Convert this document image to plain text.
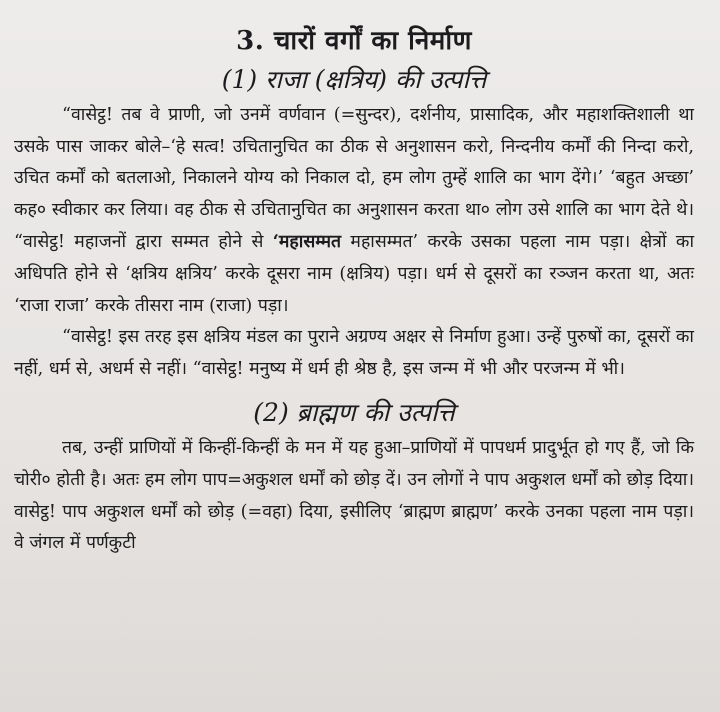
3. चारों वर्गों का निर्माण
(1) राजा (क्षत्रिय) की उत्पत्ति

“वासेट्ठ! तब वे प्राणी, जो उनमें वर्णवान (=सुन्दर), दर्शनीय, प्रासादिक, और महाशक्तिशाली था उसके पास जाकर बोले–‘हे सत्व! उचितानुचित का ठीक से अनुशासन करो, निन्दनीय कर्मों की निन्दा करो, उचित कर्मों को बतलाओ, निकालने योग्य को निकाल दो, हम लोग तुम्हें शालि का भाग देंगे।’ ‘बहुत अच्छा’ कह० स्वीकार कर लिया। वह ठीक से उचितानुचित का अनुशासन करता था० लोग उसे शालि का भाग देते थे। “वासेट्ठ! महाजनों द्वारा सम्मत होने से ‘महासम्मत महासम्मत’ करके उसका पहला नाम पड़ा। क्षेत्रों का अधिपति होने से ‘क्षत्रिय क्षत्रिय’ करके दूसरा नाम (क्षत्रिय) पड़ा। धर्म से दूसरों का रञ्जन करता था, अतः ‘राजा राजा’ करके तीसरा नाम (राजा) पड़ा।

“वासेट्ठ! इस तरह इस क्षत्रिय मंडल का पुराने अग्रण्य अक्षर से निर्माण हुआ। उन्हें पुरुषों का, दूसरों का नहीं, धर्म से, अधर्म से नहीं। “वासेट्ठ! मनुष्य में धर्म ही श्रेष्ठ है, इस जन्म में भी और परजन्म में भी।

(2) ब्राह्मण की उत्पत्ति

तब, उन्हीं प्राणियों में किन्हीं-किन्हीं के मन में यह हुआ–प्राणियों में पापधर्म प्रादुर्भूत हो गए हैं, जो कि चोरी० होती है। अतः हम लोग पाप=अकुशल धर्मों को छोड़ दें। उन लोगों ने पाप अकुशल धर्मों को छोड़ दिया। वासेट्ठ! पाप अकुशल धर्मों को छोड़ (=वहा) दिया, इसीलिए ‘ब्राह्मण ब्राह्मण’ करके उनका पहला नाम पड़ा। वे जंगल में पर्णकुटी
